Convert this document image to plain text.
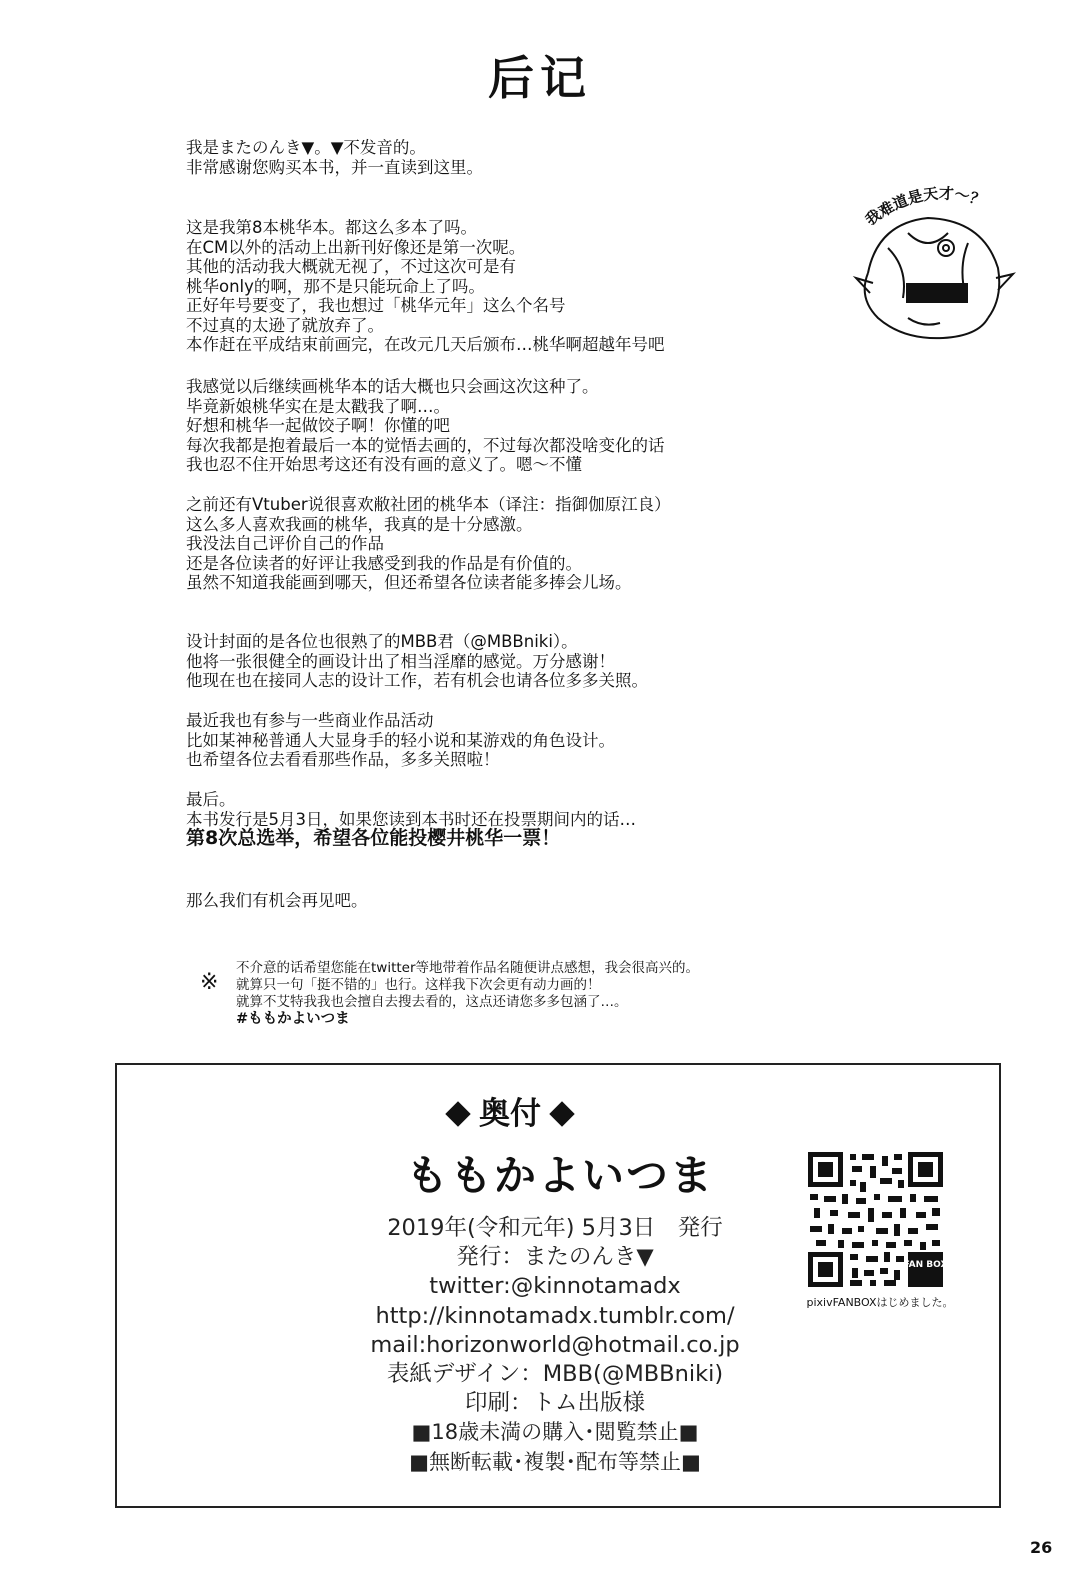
后记
我是またのんき▼。▼不发音的。
非常感谢您购买本书，并一直读到这里。
这是我第8本桃华本。都这么多本了吗。
在CM以外的活动上出新刊好像还是第一次呢。
其他的活动我大概就无视了，不过这次可是有
桃华only的啊，那不是只能玩命上了吗。
正好年号要变了，我也想过「桃华元年」这么个名号
不过真的太逊了就放弃了。
本作赶在平成结束前画完，在改元几天后颁布…桃华啊超越年号吧
我感觉以后继续画桃华本的话大概也只会画这次这种了。
毕竟新娘桃华实在是太戳我了啊…。
好想和桃华一起做饺子啊！你懂的吧
每次我都是抱着最后一本的觉悟去画的，不过每次都没啥变化的话
我也忍不住开始思考这还有没有画的意义了。嗯～不懂
之前还有Vtuber说很喜欢敝社团的桃华本（译注：指御伽原江良）
这么多人喜欢我画的桃华，我真的是十分感激。
我没法自己评价自己的作品
还是各位读者的好评让我感受到我的作品是有价值的。
虽然不知道我能画到哪天，但还希望各位读者能多捧会儿场。
设计封面的是各位也很熟了的MBB君（@MBBniki）。
他将一张很健全的画设计出了相当淫靡的感觉。万分感谢！
他现在也在接同人志的设计工作，若有机会也请各位多多关照。
最近我也有参与一些商业作品活动
比如某神秘普通人大显身手的轻小说和某游戏的角色设计。
也希望各位去看看那些作品，多多关照啦！
最后。
本书发行是5月3日，如果您读到本书时还在投票期间内的话…
第8次总选举，希望各位能投樱井桃华一票！
那么我们有机会再见吧。
※
不介意的话希望您能在twitter等地带着作品名随便讲点感想，我会很高兴的。
就算只一句「挺不错的」也行。这样我下次会更有动力画的！
就算不艾特我我也会擅自去搜去看的，这点还请您多多包涵了…。
#ももかよいつま
我难道是天才～？
奥付
ももかよいつま
2019年(令和元年) 5月3日　発行
発行：またのんき▼
twitter:@kinnotamadx
http://kinnotamadx.tumblr.com/
mail:horizonworld@hotmail.co.jp
表紙デザイン：MBB(@MBBniki)
印刷：トム出版様
■18歳未満の購入･閲覧禁止■
■無断転載･複製･配布等禁止■
FAN BOX
pixivFANBOXはじめました。
26
